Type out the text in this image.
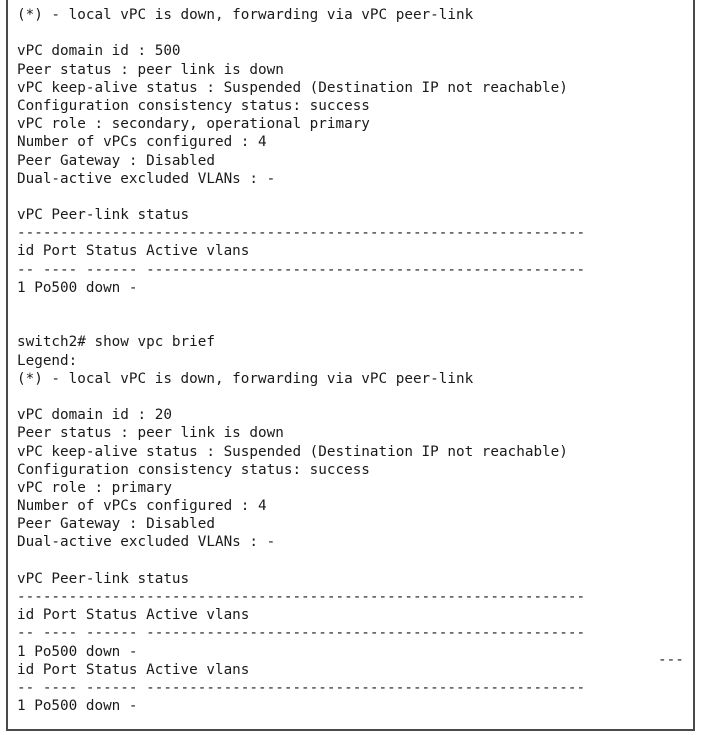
(*) - local vPC is down, forwarding via vPC peer-link
vPC domain id : 500
Peer status : peer link is down
vPC keep-alive status : Suspended (Destination IP not reachable)
Configuration consistency status: success
vPC role : secondary, operational primary
Number of vPCs configured : 4
Peer Gateway : Disabled
Dual-active excluded VLANs : -
vPC Peer-link status
------------------------------------------------------------------
id Port Status Active vlans
-- ---- ------ ---------------------------------------------------
1 Po500 down -
switch2# show vpc brief
Legend:
(*) - local vPC is down, forwarding via vPC peer-link
vPC domain id : 20
Peer status : peer link is down
vPC keep-alive status : Suspended (Destination IP not reachable)
Configuration consistency status: success
vPC role : primary
Number of vPCs configured : 4
Peer Gateway : Disabled
Dual-active excluded VLANs : -
vPC Peer-link status
------------------------------------------------------------------
id Port Status Active vlans
-- ---- ------ ---------------------------------------------------
1 Po500 down -
id Port Status Active vlans
-- ---- ------ ---------------------------------------------------
1 Po500 down -
---
